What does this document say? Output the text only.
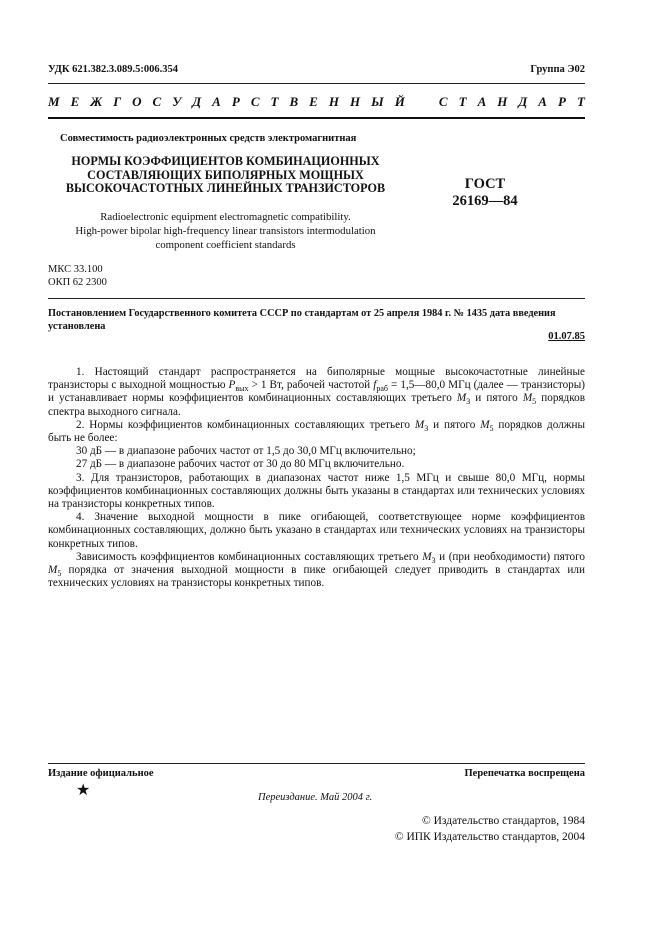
УДК 621.382.3.089.5:006.354	Группа Э02
М Е Ж Г О С У Д А Р С Т В Е Н Н Ы Й	С Т А Н Д А Р Т
Совместимость радиоэлектронных средств электромагнитная
НОРМЫ КОЭФФИЦИЕНТОВ КОМБИНАЦИОННЫХ
СОСТАВЛЯЮЩИХ БИПОЛЯРНЫХ МОЩНЫХ
ВЫСОКОЧАСТОТНЫХ ЛИНЕЙНЫХ ТРАНЗИСТОРОВ	ГОСТ
26169—84
Radioelectronic equipment electromagnetic compatibility.
High-power bipolar high-frequency linear transistors intermodulation
component coefficient standards
МКС 33.100
ОКП 62 2300
Постановлением Государственного комитета СССР по стандартам от 25 апреля 1984 г. № 1435 дата введения установлена
01.07.85

1. Настоящий стандарт распространяется на биполярные мощные высокочастотные линейные транзисторы с выходной мощностью $P_{вых} > 1$ Вт, рабочей частотой $f_{раб}$ = 1,5—80,0 МГц (далее — транзисторы) и устанавливает нормы коэффициентов комбинационных составляющих третьего $M_3$ и пятого $M_5$ порядков спектра выходного сигнала.

2. Нормы коэффициентов комбинационных составляющих третьего $M_3$ и пятого $M_5$ порядков должны быть не более:

30 дБ — в диапазоне рабочих частот от 1,5 до 30,0 МГц включительно;

27 дБ — в диапазоне рабочих частот от 30 до 80 МГц включительно.

3. Для транзисторов, работающих в диапазонах частот ниже 1,5 МГц и свыше 80,0 МГц, нормы коэффициентов комбинационных составляющих должны быть указаны в стандартах или технических условиях на транзисторы конкретных типов.

4. Значение выходной мощности в пике огибающей, соответствующее норме коэффициентов комбинационных составляющих, должно быть указано в стандартах или технических условиях на транзисторы конкретных типов.

Зависимость коэффициентов комбинационных составляющих третьего $M_3$ и (при необходимости) пятого $M_5$ порядка от значения выходной мощности в пике огибающей следует приводить в стандартах или технических условиях на транзисторы конкретных типов.

Издание официальное	Перепечатка воспрещена
★	Переиздание. Май 2004 г.
© Издательство стандартов, 1984
© ИПК Издательство стандартов, 2004
